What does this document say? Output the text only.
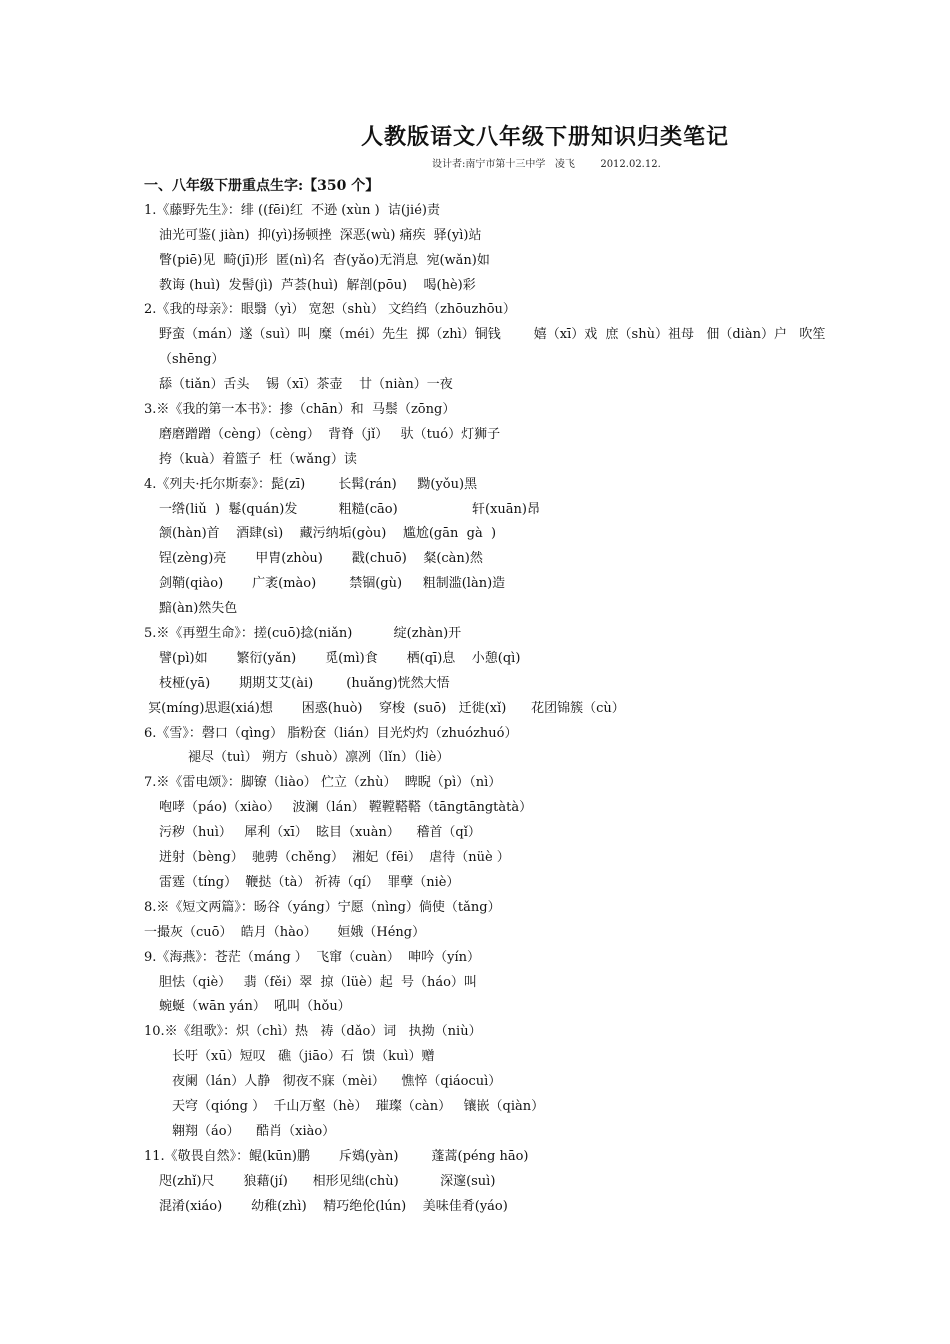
人教版语文八年级下册知识归类笔记
设计者:南宁市第十三中学   凌飞        2012.02.12.
一、八年级下册重点生字:【350 个】
1.《藤野先生》：绯 ((fēi)红  不逊 (xùn )  诘(jié)责
油光可鉴( jiàn)  抑(yì)扬顿挫  深恶(wù) 痛疾  驿(yì)站
瞥(piē)见  畸(jī)形  匿(nì)名  杳(yǎo)无消息  宛(wǎn)如
教诲 (huì)  发髻(jì)  芦荟(huì)  解剖(pōu)    喝(hè)彩
2.《我的母亲》：眼翳（yì） 宽恕（shù） 文绉绉（zhōuzhōu）
野蛮（mán）遂（suì）叫  糜（méi）先生  掷（zhì）铜钱        嬉（xī）戏  庶（shù）祖母   佃（diàn）户   吹笙
（shēng）
舔（tiǎn）舌头    锡（xī）茶壶    廿（niàn）一夜
3.※《我的第一本书》：掺（chān）和  马鬃（zōng）
磨磨蹭蹭（cèng）（cèng）  背脊（jǐ）   驮（tuó）灯狮子
挎（kuà）着篮子  枉（wǎng）读
4.《列夫·托尔斯泰》：髭(zī)        长髯(rán)     黝(yǒu)黑
一绺(liǔ  )  鬈(quán)发          粗糙(cāo)                  轩(xuān)昂
颔(hàn)首    酒肆(sì)    藏污纳垢(gòu)    尴尬(gān  gà  )
锃(zèng)亮       甲胄(zhòu)       戳(chuō)    粲(càn)然
剑鞘(qiào)       广袤(mào)        禁锢(gù)     粗制滥(làn)造
黯(àn)然失色
5.※《再塑生命》：搓(cuō)捻(niǎn)          绽(zhàn)开
譬(pì)如       繁衍(yǎn)       觅(mì)食       栖(qī)息    小憩(qì)
枝桠(yā)       期期艾艾(ài)        (huǎng)恍然大悟
冥(míng)思遐(xiá)想       困惑(huò)    穿梭  (suō)   迁徙(xǐ)      花团锦簇（cù）
6.《雪》：磬口（qìng） 脂粉奁（lián）目光灼灼（zhuózhuó）
褪尽（tuì） 朔方（shuò）凛冽（lǐn）（liè）
7.※《雷电颂》：脚镣（liào） 伫立（zhù）  睥睨（pì）（nì）
咆哮（páo)（xiào）   波澜（lán） 鞺鞺鞳鞳（tāngtāngtàtà）
污秽（huì）   犀利（xī）  眩目（xuàn）    稽首（qǐ）
迸射（bèng）  驰骋（chěng）  湘妃（fēi）  虐待（nüè ）
雷霆（tíng）  鞭挞（tà） 祈祷（qí）  罪孽（niè）
8.※《短文两篇》：旸谷（yáng）宁愿（nìng）倘使（tǎng）
一撮灰（cuō）  皓月（hào）     姮娥（Héng）
9.《海燕》：苍茫（máng ）  飞窜（cuàn）  呻吟（yín）
胆怯（qiè）   翡（fěi）翠  掠（lüè）起  号（háo）叫
蜿蜒（wān yán）  吼叫（hǒu）
10.※《组歌》：炽（chì）热   祷（dǎo）词   执拗（niù）
长吁（xū）短叹   礁（jiāo）石  馈（kuì）赠
夜阑（lán）人静   彻夜不寐（mèi）    憔悴（qiáocuì）
天穹（qióng ）  千山万壑（hè）  璀璨（càn）   镶嵌（qiàn）
翱翔（áo）    酷肖（xiào）
11.《敬畏自然》：鲲(kūn)鹏       斥鴳(yàn)        蓬蒿(péng hāo)
咫(zhǐ)尺       狼藉(jí)      相形见绌(chù)          深邃(suì)
混淆(xiáo)       幼稚(zhì)    精巧绝伦(lún)    美味佳肴(yáo)
